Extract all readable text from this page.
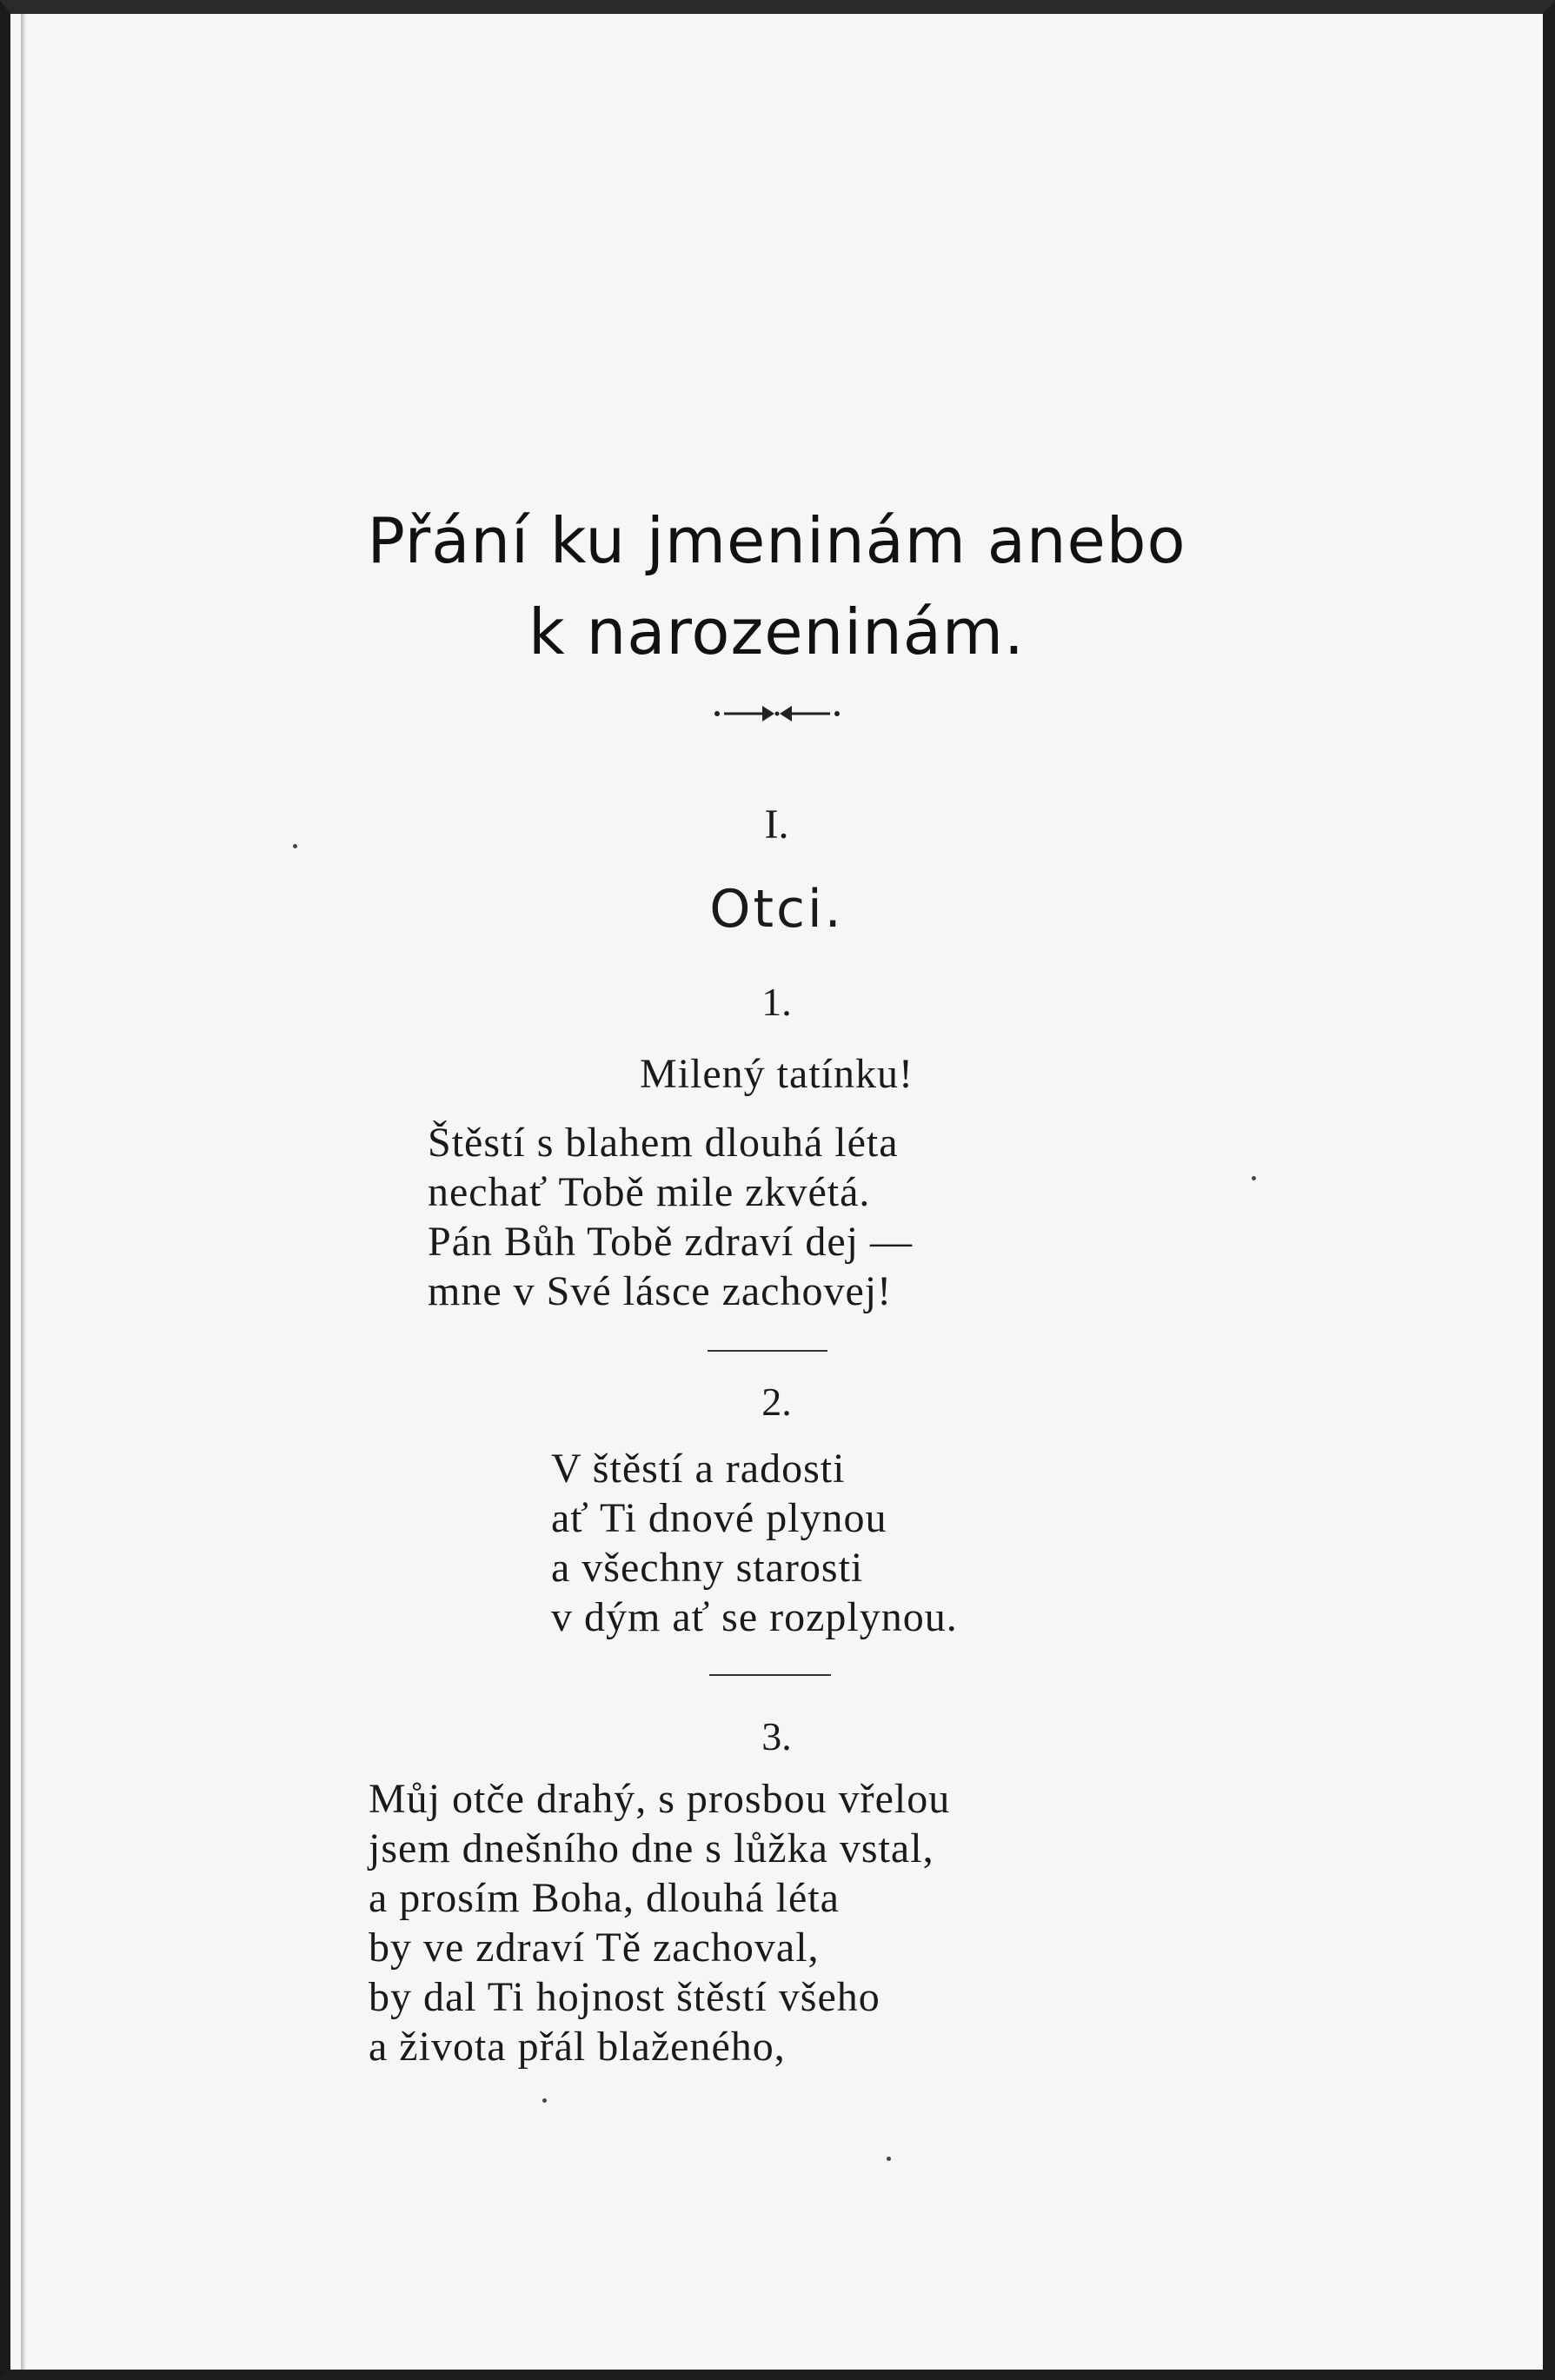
Přání ku jmeninám anebo
k narozeninám.
I.
Otci.
1.
Milený tatínku!
Štěstí s blahem dlouhá léta
nechať Tobě mile zkvétá.
Pán Bůh Tobě zdraví dej —
mne v Své lásce zachovej!
2.
V štěstí a radosti
ať Ti dnové plynou
a všechny starosti
v dým ať se rozplynou.
3.
Můj otče drahý, s prosbou vřelou
jsem dnešního dne s lůžka vstal,
a prosím Boha, dlouhá léta
by ve zdraví Tě zachoval,
by dal Ti hojnost štěstí všeho
a života přál blaženého,
